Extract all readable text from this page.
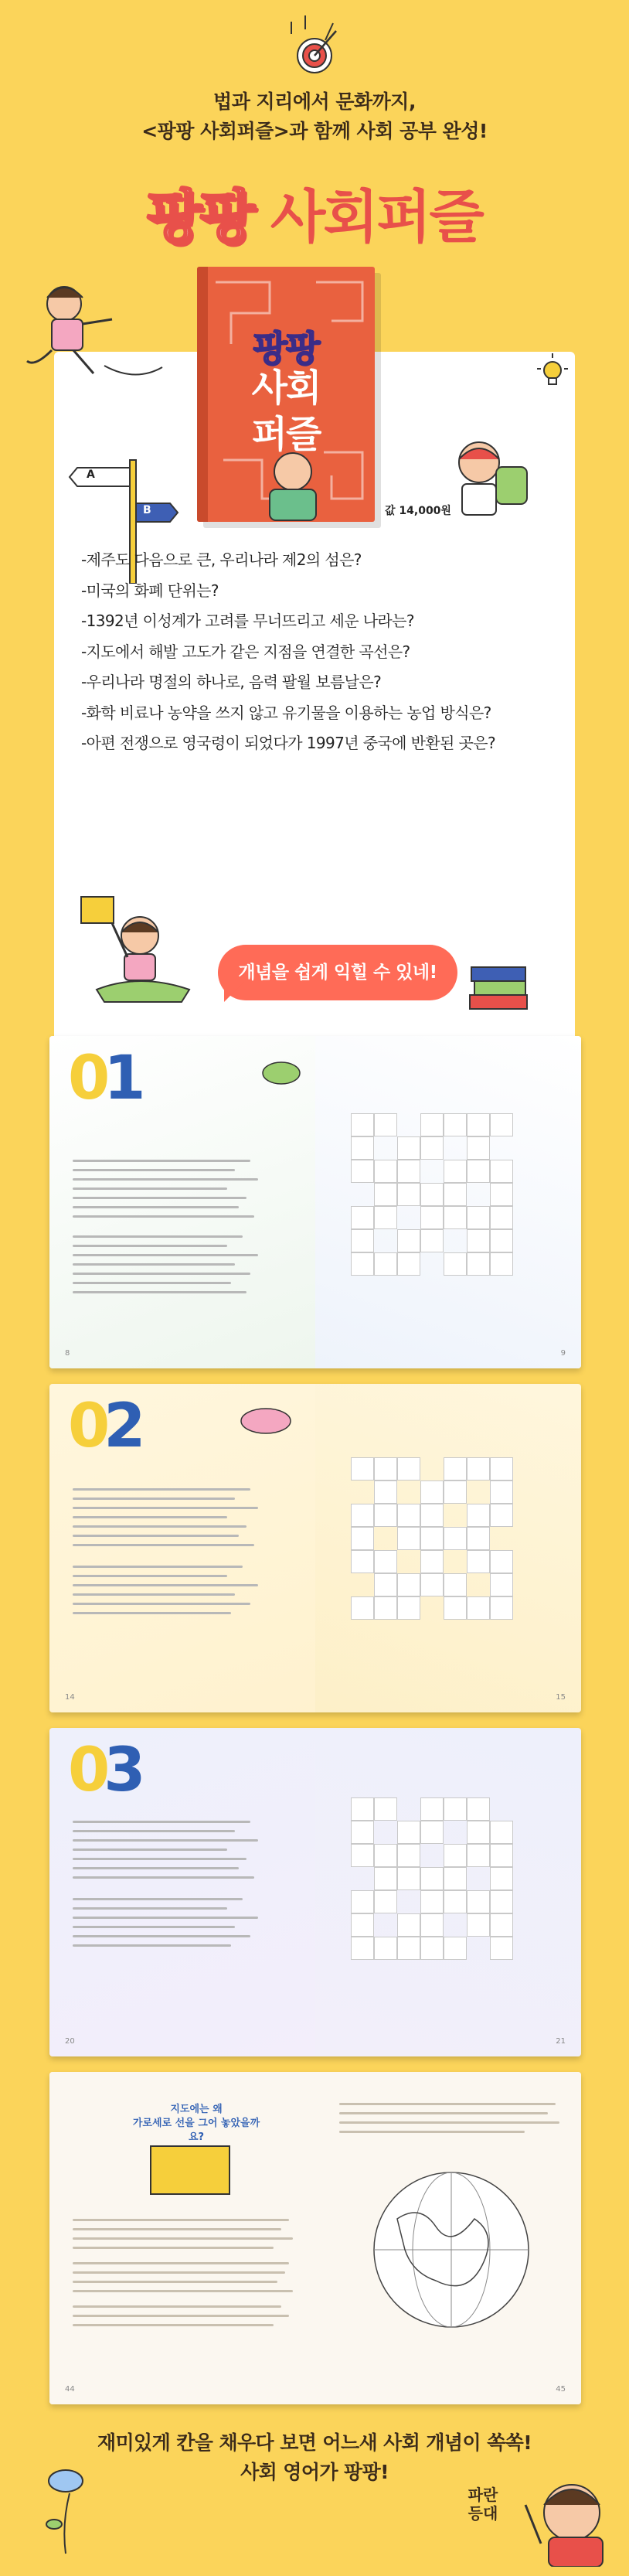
법과 지리에서 문화까지,
<팡팡 사회퍼즐>과 함께 사회 공부 완성!
팡팡 사회퍼즐
A
B
팡팡
사회
퍼즐
값 14,000원
-제주도 다음으로 큰, 우리나라 제2의 섬은?
-미국의 화폐 단위는?
-1392년 이성계가 고려를 무너뜨리고 세운 나라는?
-지도에서 해발 고도가 같은 지점을 연결한 곡선은?
-우리나라 명절의 하나로, 음력 팔월 보름날은?
-화학 비료나 농약을 쓰지 않고 유기물을 이용하는 농업 방식은?
-아편 전쟁으로 영국령이 되었다가 1997년 중국에 반환된 곳은?
개념을 쉽게 익힐 수 있네!
01
8	9
02
14	15
03
20	21
지도에는 왜
가로세로 선을 그어 놓았을까요?
44	45
재미있게 칸을 채우다 보면 어느새 사회 개념이 쏙쏙!
사회 영어가 팡팡!
파란
등대
